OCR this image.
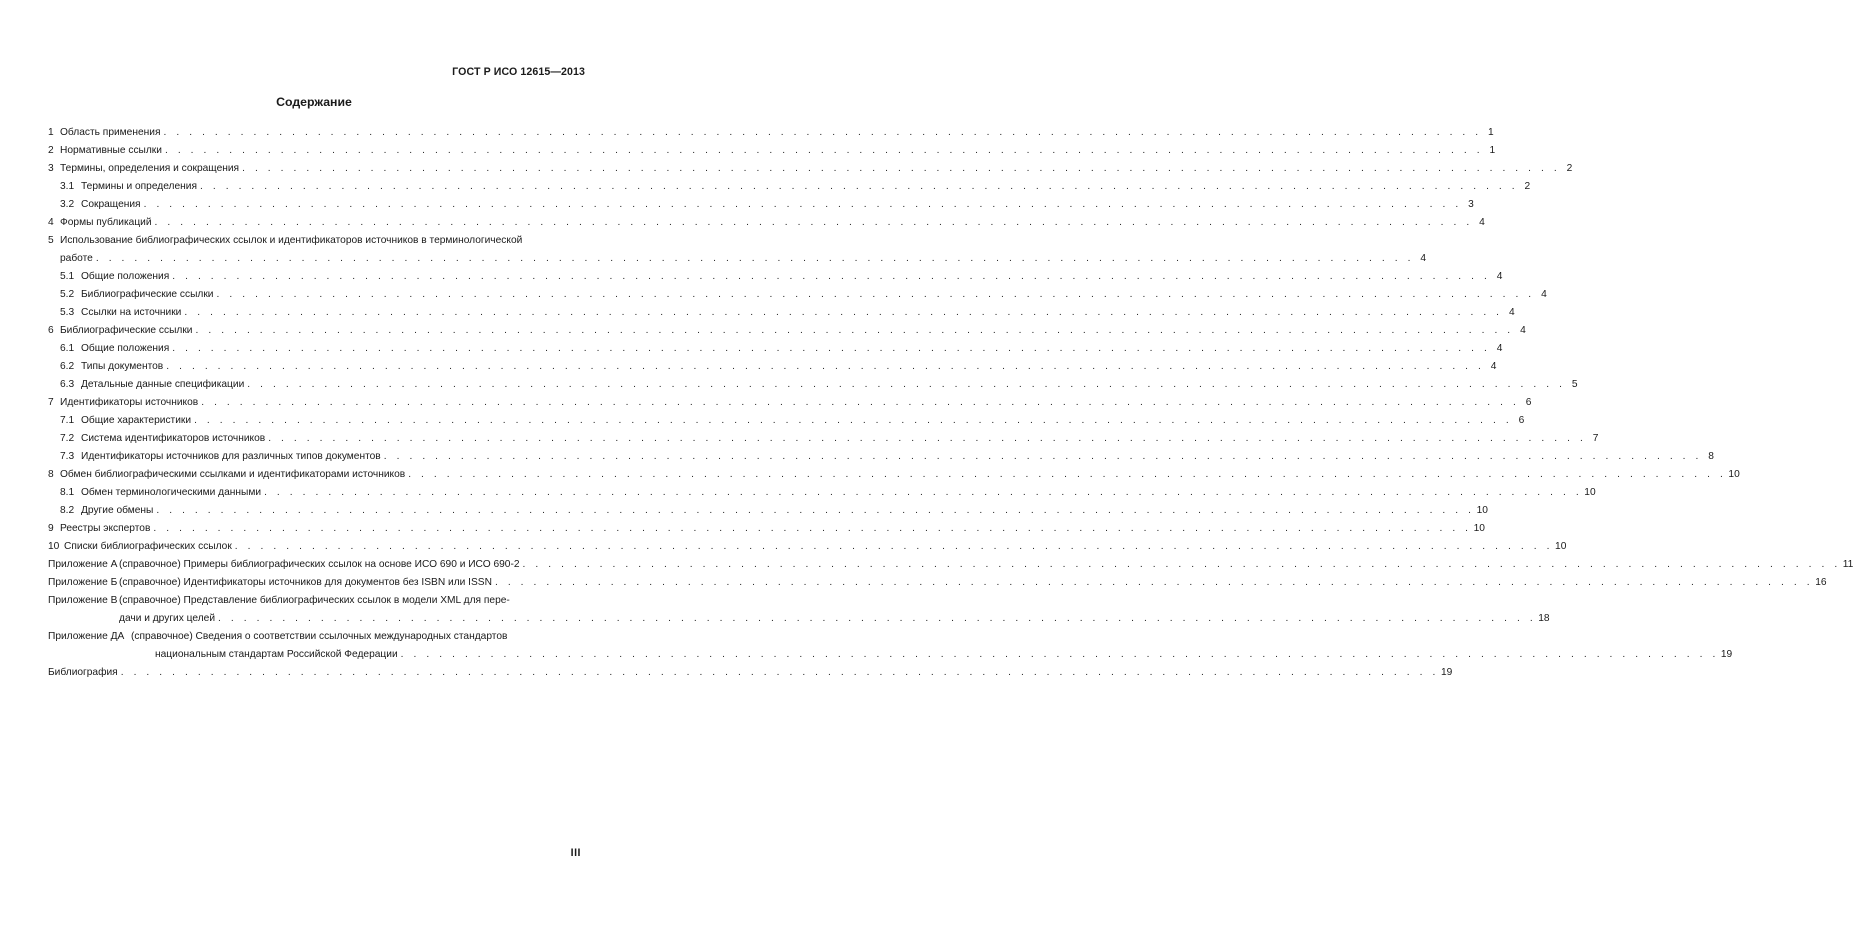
ГОСТ Р ИСО 12615—2013
Содержание
1 Область применения . . . . . . . . . . . . . . . . . . . . . . . . . . . . . . . . . . . . . . . . . . . . . . . . . . . . . . . . . . . . . . . . . . . . . . . . . . . . . . . . . . . . . . . . . . . . . . . . . . . . . . . 1
2 Нормативные ссылки . . . . . . . . . . . . . . . . . . . . . . . . . . . . . . . . . . . . . . . . . . . . . . . . . . . . . . . . . . . . . . . . . . . . . . . . . . . . . . . . . . . . . . . . . . . . . . . . . . . . . . . 1
3 Термины, определения и сокращения . . . . . . . . . . . . . . . . . . . . . . . . . . . . . . . . . . . . . . . . . . . . . . . . . . . . . . . . . . . . . . . . . . . . . . . . . . . . . . . . . . . . . . . . . . . . . . . . . . . . . . . 2
3.1 Термины и определения . . . . . . . . . . . . . . . . . . . . . . . . . . . . . . . . . . . . . . . . . . . . . . . . . . . . . . . . . . . . . . . . . . . . . . . . . . . . . . . . . . . . . . . . . . . . . . . . . . . . . . . 2
3.2 Сокращения . . . . . . . . . . . . . . . . . . . . . . . . . . . . . . . . . . . . . . . . . . . . . . . . . . . . . . . . . . . . . . . . . . . . . . . . . . . . . . . . . . . . . . . . . . . . . . . . . . . . . . . 3
4 Формы публикаций . . . . . . . . . . . . . . . . . . . . . . . . . . . . . . . . . . . . . . . . . . . . . . . . . . . . . . . . . . . . . . . . . . . . . . . . . . . . . . . . . . . . . . . . . . . . . . . . . . . . . . . 4
5 Использование библиографических ссылок и идентификаторов источников в терминологической
работе . . . . . . . . . . . . . . . . . . . . . . . . . . . . . . . . . . . . . . . . . . . . . . . . . . . . . . . . . . . . . . . . . . . . . . . . . . . . . . . . . . . . . . . . . . . . . . . . . . . . . . . 4
5.1 Общие положения . . . . . . . . . . . . . . . . . . . . . . . . . . . . . . . . . . . . . . . . . . . . . . . . . . . . . . . . . . . . . . . . . . . . . . . . . . . . . . . . . . . . . . . . . . . . . . . . . . . . . . . 4
5.2 Библиографические ссылки . . . . . . . . . . . . . . . . . . . . . . . . . . . . . . . . . . . . . . . . . . . . . . . . . . . . . . . . . . . . . . . . . . . . . . . . . . . . . . . . . . . . . . . . . . . . . . . . . . . . . . . 4
5.3 Ссылки на источники . . . . . . . . . . . . . . . . . . . . . . . . . . . . . . . . . . . . . . . . . . . . . . . . . . . . . . . . . . . . . . . . . . . . . . . . . . . . . . . . . . . . . . . . . . . . . . . . . . . . . . . 4
6 Библиографические ссылки . . . . . . . . . . . . . . . . . . . . . . . . . . . . . . . . . . . . . . . . . . . . . . . . . . . . . . . . . . . . . . . . . . . . . . . . . . . . . . . . . . . . . . . . . . . . . . . . . . . . . . . 4
6.1 Общие положения . . . . . . . . . . . . . . . . . . . . . . . . . . . . . . . . . . . . . . . . . . . . . . . . . . . . . . . . . . . . . . . . . . . . . . . . . . . . . . . . . . . . . . . . . . . . . . . . . . . . . . . 4
6.2 Типы документов . . . . . . . . . . . . . . . . . . . . . . . . . . . . . . . . . . . . . . . . . . . . . . . . . . . . . . . . . . . . . . . . . . . . . . . . . . . . . . . . . . . . . . . . . . . . . . . . . . . . . . . 4
6.3 Детальные данные спецификации . . . . . . . . . . . . . . . . . . . . . . . . . . . . . . . . . . . . . . . . . . . . . . . . . . . . . . . . . . . . . . . . . . . . . . . . . . . . . . . . . . . . . . . . . . . . . . . . . . . . . . . 5
7 Идентификаторы источников . . . . . . . . . . . . . . . . . . . . . . . . . . . . . . . . . . . . . . . . . . . . . . . . . . . . . . . . . . . . . . . . . . . . . . . . . . . . . . . . . . . . . . . . . . . . . . . . . . . . . . . 6
7.1 Общие характеристики . . . . . . . . . . . . . . . . . . . . . . . . . . . . . . . . . . . . . . . . . . . . . . . . . . . . . . . . . . . . . . . . . . . . . . . . . . . . . . . . . . . . . . . . . . . . . . . . . . . . . . . 6
7.2 Система идентификаторов источников . . . . . . . . . . . . . . . . . . . . . . . . . . . . . . . . . . . . . . . . . . . . . . . . . . . . . . . . . . . . . . . . . . . . . . . . . . . . . . . . . . . . . . . . . . . . . . . . . . . . . . . 7
7.3 Идентификаторы источников для различных типов документов . . . . . . . . . . . . . . . . . . . . . . . . . . . . . . . . . . . . . . . . . . . . . . . . . . . . . . . . . . . . . . . . . . . . . . . . . . . . . . . . . . . . . . . . . . . . . . . . . . . . . . . 8
8 Обмен библиографическими ссылками и идентификаторами источников . . . . . . . . . . . . . . . . . . . . . . . . . . . . . . . . . . . . . . . . . . . . . . . . . . . . . . . . . . . . . . . . . . . . . . . . . . . . . . . . . . . . . . . . . . . . . . . . . . . . . . . 10
8.1 Обмен терминологическими данными . . . . . . . . . . . . . . . . . . . . . . . . . . . . . . . . . . . . . . . . . . . . . . . . . . . . . . . . . . . . . . . . . . . . . . . . . . . . . . . . . . . . . . . . . . . . . . . . . . . . . . . 10
8.2 Другие обмены . . . . . . . . . . . . . . . . . . . . . . . . . . . . . . . . . . . . . . . . . . . . . . . . . . . . . . . . . . . . . . . . . . . . . . . . . . . . . . . . . . . . . . . . . . . . . . . . . . . . . . . 10
9 Реестры экспертов . . . . . . . . . . . . . . . . . . . . . . . . . . . . . . . . . . . . . . . . . . . . . . . . . . . . . . . . . . . . . . . . . . . . . . . . . . . . . . . . . . . . . . . . . . . . . . . . . . . . . . . 10
10 Списки библиографических ссылок . . . . . . . . . . . . . . . . . . . . . . . . . . . . . . . . . . . . . . . . . . . . . . . . . . . . . . . . . . . . . . . . . . . . . . . . . . . . . . . . . . . . . . . . . . . . . . . . . . . . . . . 10
Приложение А (справочное) Примеры библиографических ссылок на основе ИСО 690 и ИСО 690-2 . . . . . . . . . . . . . . . . . . . . . . . . . . . . . . . . . . . . . . . . . . . . . . . . . . . . . . . . . . . . . . . . . . . . . . . . . . . . . . . . . . . . . . . . . . . . . . . . . . . . . . . 11
Приложение Б (справочное) Идентификаторы источников для документов без ISBN или ISSN . . . . . . . . . . . . . . . . . . . . . . . . . . . . . . . . . . . . . . . . . . . . . . . . . . . . . . . . . . . . . . . . . . . . . . . . . . . . . . . . . . . . . . . . . . . . . . . . . . . . . . . 16
Приложение В (справочное) Представление библиографических ссылок в модели XML для пере-
дачи и других целей . . . . . . . . . . . . . . . . . . . . . . . . . . . . . . . . . . . . . . . . . . . . . . . . . . . . . . . . . . . . . . . . . . . . . . . . . . . . . . . . . . . . . . . . . . . . . . . . . . . . . . . 18
Приложение ДА (справочное) Сведения о соответствии ссылочных международных стандартов
национальным стандартам Российской Федерации . . . . . . . . . . . . . . . . . . . . . . . . . . . . . . . . . . . . . . . . . . . . . . . . . . . . . . . . . . . . . . . . . . . . . . . . . . . . . . . . . . . . . . . . . . . . . . . . . . . . . . . 19
Библиография . . . . . . . . . . . . . . . . . . . . . . . . . . . . . . . . . . . . . . . . . . . . . . . . . . . . . . . . . . . . . . . . . . . . . . . . . . . . . . . . . . . . . . . . . . . . . . . . . . . . . . . 19
III
